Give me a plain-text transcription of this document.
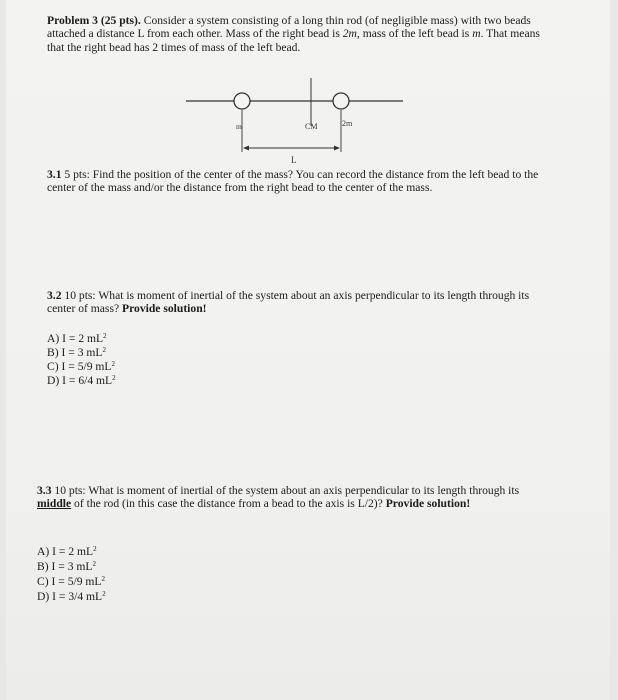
Problem 3 (25 pts). Consider a system consisting of a long thin rod (of negligible mass) with two beads attached a distance L from each other. Mass of the right bead is 2m, mass of the left bead is m. That means that the right bead has 2 times of mass of the left bead.
m	CM	2m
L
3.1 5 pts: Find the position of the center of the mass? You can record the distance from the left bead to the center of the mass and/or the distance from the right bead to the center of the mass.
3.2 10 pts: What is moment of inertial of the system about an axis perpendicular to its length through its center of mass? Provide solution!
A) I = 2 $mL^2$
B) I = 3 $mL^2$
C) I = 5/9 $mL^2$
D) I = 6/4 $mL^2$
3.3 10 pts: What is moment of inertial of the system about an axis perpendicular to its length through its middle of the rod (in this case the distance from a bead to the axis is L/2)? Provide solution!
A) I = 2 $mL^2$
B) I = 3 $mL^2$
C) I = 5/9 $mL^2$
D) I = 3/4 $mL^2$
